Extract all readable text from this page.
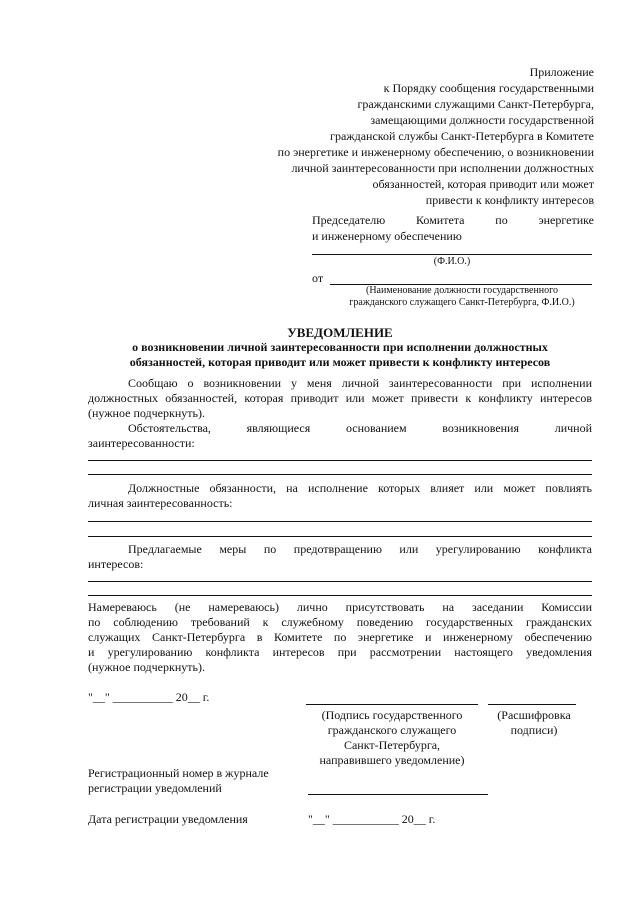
Приложение
к Порядку сообщения государственными
гражданскими служащими Санкт-Петербурга,
замещающими должности государственной
гражданской службы Санкт-Петербурга в Комитете
по энергетике и инженерному обеспечению, о возникновении
личной заинтересованности при исполнении должностных
обязанностей, которая приводит или может
привести к конфликту интересов
Председателю Комитета по энергетике
и инженерному обеспечению
(Ф.И.О.)
от
(Наименование должности государственного
гражданского служащего Санкт-Петербурга, Ф.И.О.)
УВЕДОМЛЕНИЕ
о возникновении личной заинтересованности при исполнении должностных
обязанностей, которая приводит или может привести к конфликту интересов
Сообщаю о возникновении у меня личной заинтересованности при исполнении
должностных обязанностей, которая приводит или может привести к конфликту интересов
(нужное подчеркнуть).
Обстоятельства, являющиеся основанием возникновения личной
заинтересованности:
Должностные обязанности, на исполнение которых влияет или может повлиять
личная заинтересованность:
Предлагаемые меры по предотвращению или урегулированию конфликта
интересов:
Намереваюсь (не намереваюсь) лично присутствовать на заседании Комиссии
по соблюдению требований к служебному поведению государственных гражданских
служащих Санкт-Петербурга в Комитете по энергетике и инженерному обеспечению
и урегулированию конфликта интересов при рассмотрении настоящего уведомления
(нужное подчеркнуть).
"__" __________ 20__ г.
(Подпись государственного
гражданского служащего
Санкт-Петербурга,
направившего уведомление)
(Расшифровка
подписи)
Регистрационный номер в журнале
регистрации уведомлений
Дата регистрации уведомления	"__" ___________ 20__ г.
